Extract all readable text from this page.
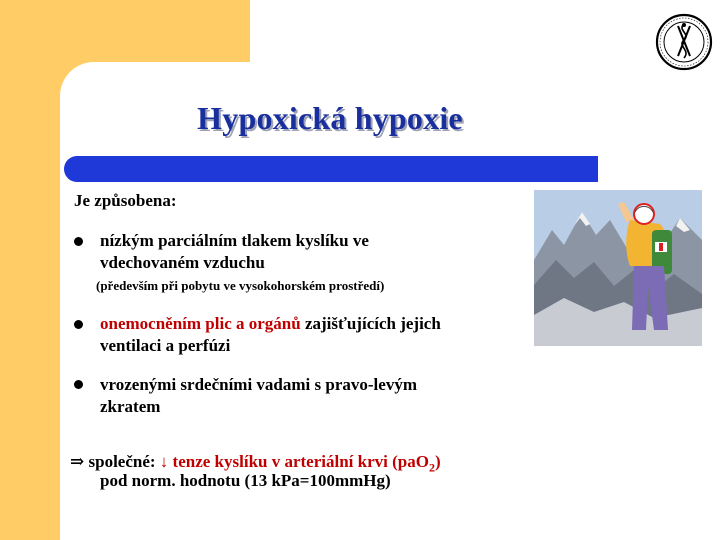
Hypoxická hypoxie
Je způsobena:
nízkým parciálním tlakem kyslíku ve
vdechovaném vzduchu
(především při pobytu ve vysokohorském prostředí)
onemocněním plic a orgánů zajišťujících jejich
ventilaci a perfúzi
vrozenými srdečními vadami s pravo-levým
zkratem
⇒ společné: ↓ tenze kyslíku v arteriální krvi (paO$_2$)
pod norm. hodnotu (13 kPa=100mmHg)
